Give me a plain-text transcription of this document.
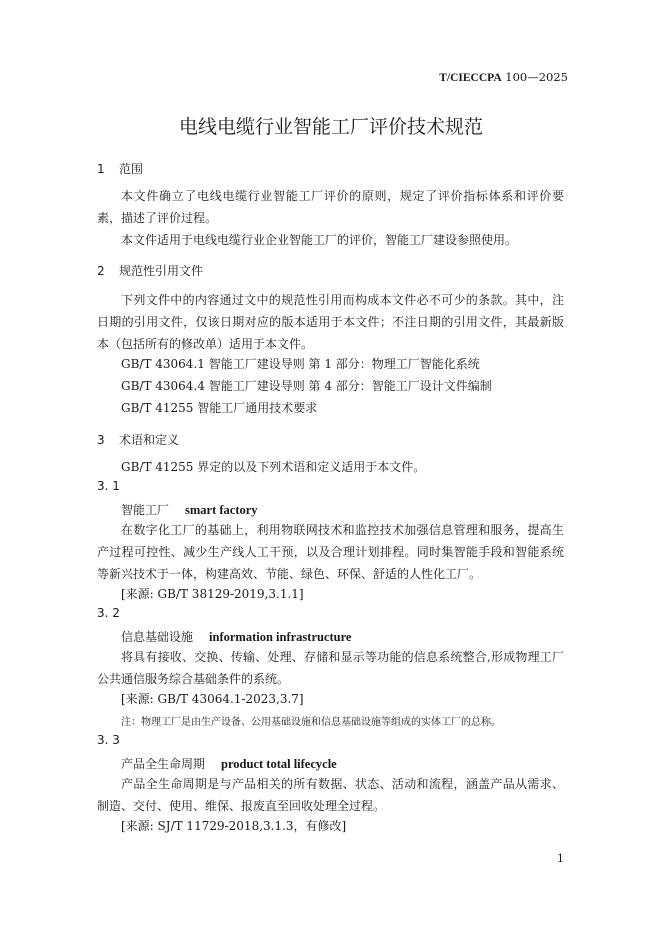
T/CIECCPA 100—2025
电线电缆行业智能工厂评价技术规范
1 范围
本文件确立了电线电缆行业智能工厂评价的原则，规定了评价指标体系和评价要素，描述了评价过程。
本文件适用于电线电缆行业企业智能工厂的评价，智能工厂建设参照使用。
2 规范性引用文件
下列文件中的内容通过文中的规范性引用而构成本文件必不可少的条款。其中，注日期的引用文件，仅该日期对应的版本适用于本文件；不注日期的引用文件，其最新版本（包括所有的修改单）适用于本文件。
GB/T 43064.1 智能工厂建设导则 第 1 部分：物理工厂智能化系统
GB/T 43064.4 智能工厂建设导则 第 4 部分：智能工厂设计文件编制
GB/T 41255 智能工厂通用技术要求
3 术语和定义
GB/T 41255 界定的以及下列术语和定义适用于本文件。
3. 1
智能工厂 smart factory
在数字化工厂的基础上，利用物联网技术和监控技术加强信息管理和服务，提高生产过程可控性、减少生产线人工干预，以及合理计划排程。同时集智能手段和智能系统等新兴技术于一体，构建高效、节能、绿色、环保、舒适的人性化工厂。
[来源: GB/T 38129-2019,3.1.1]
3. 2
信息基础设施 information infrastructure
将具有接收、交换、传输、处理、存储和显示等功能的信息系统整合,形成物理工厂公共通信服务综合基础条件的系统。
[来源: GB/T 43064.1-2023,3.7]
注：物理工厂是由生产设备、公用基础设施和信息基础设施等组成的实体工厂的总称。
3. 3
产品全生命周期 product total lifecycle
产品全生命周期是与产品相关的所有数据、状态、活动和流程，涵盖产品从需求、制造、交付、使用、维保、报废直至回收处理全过程。
[来源: SJ/T 11729-2018,3.1.3，有修改]
1
